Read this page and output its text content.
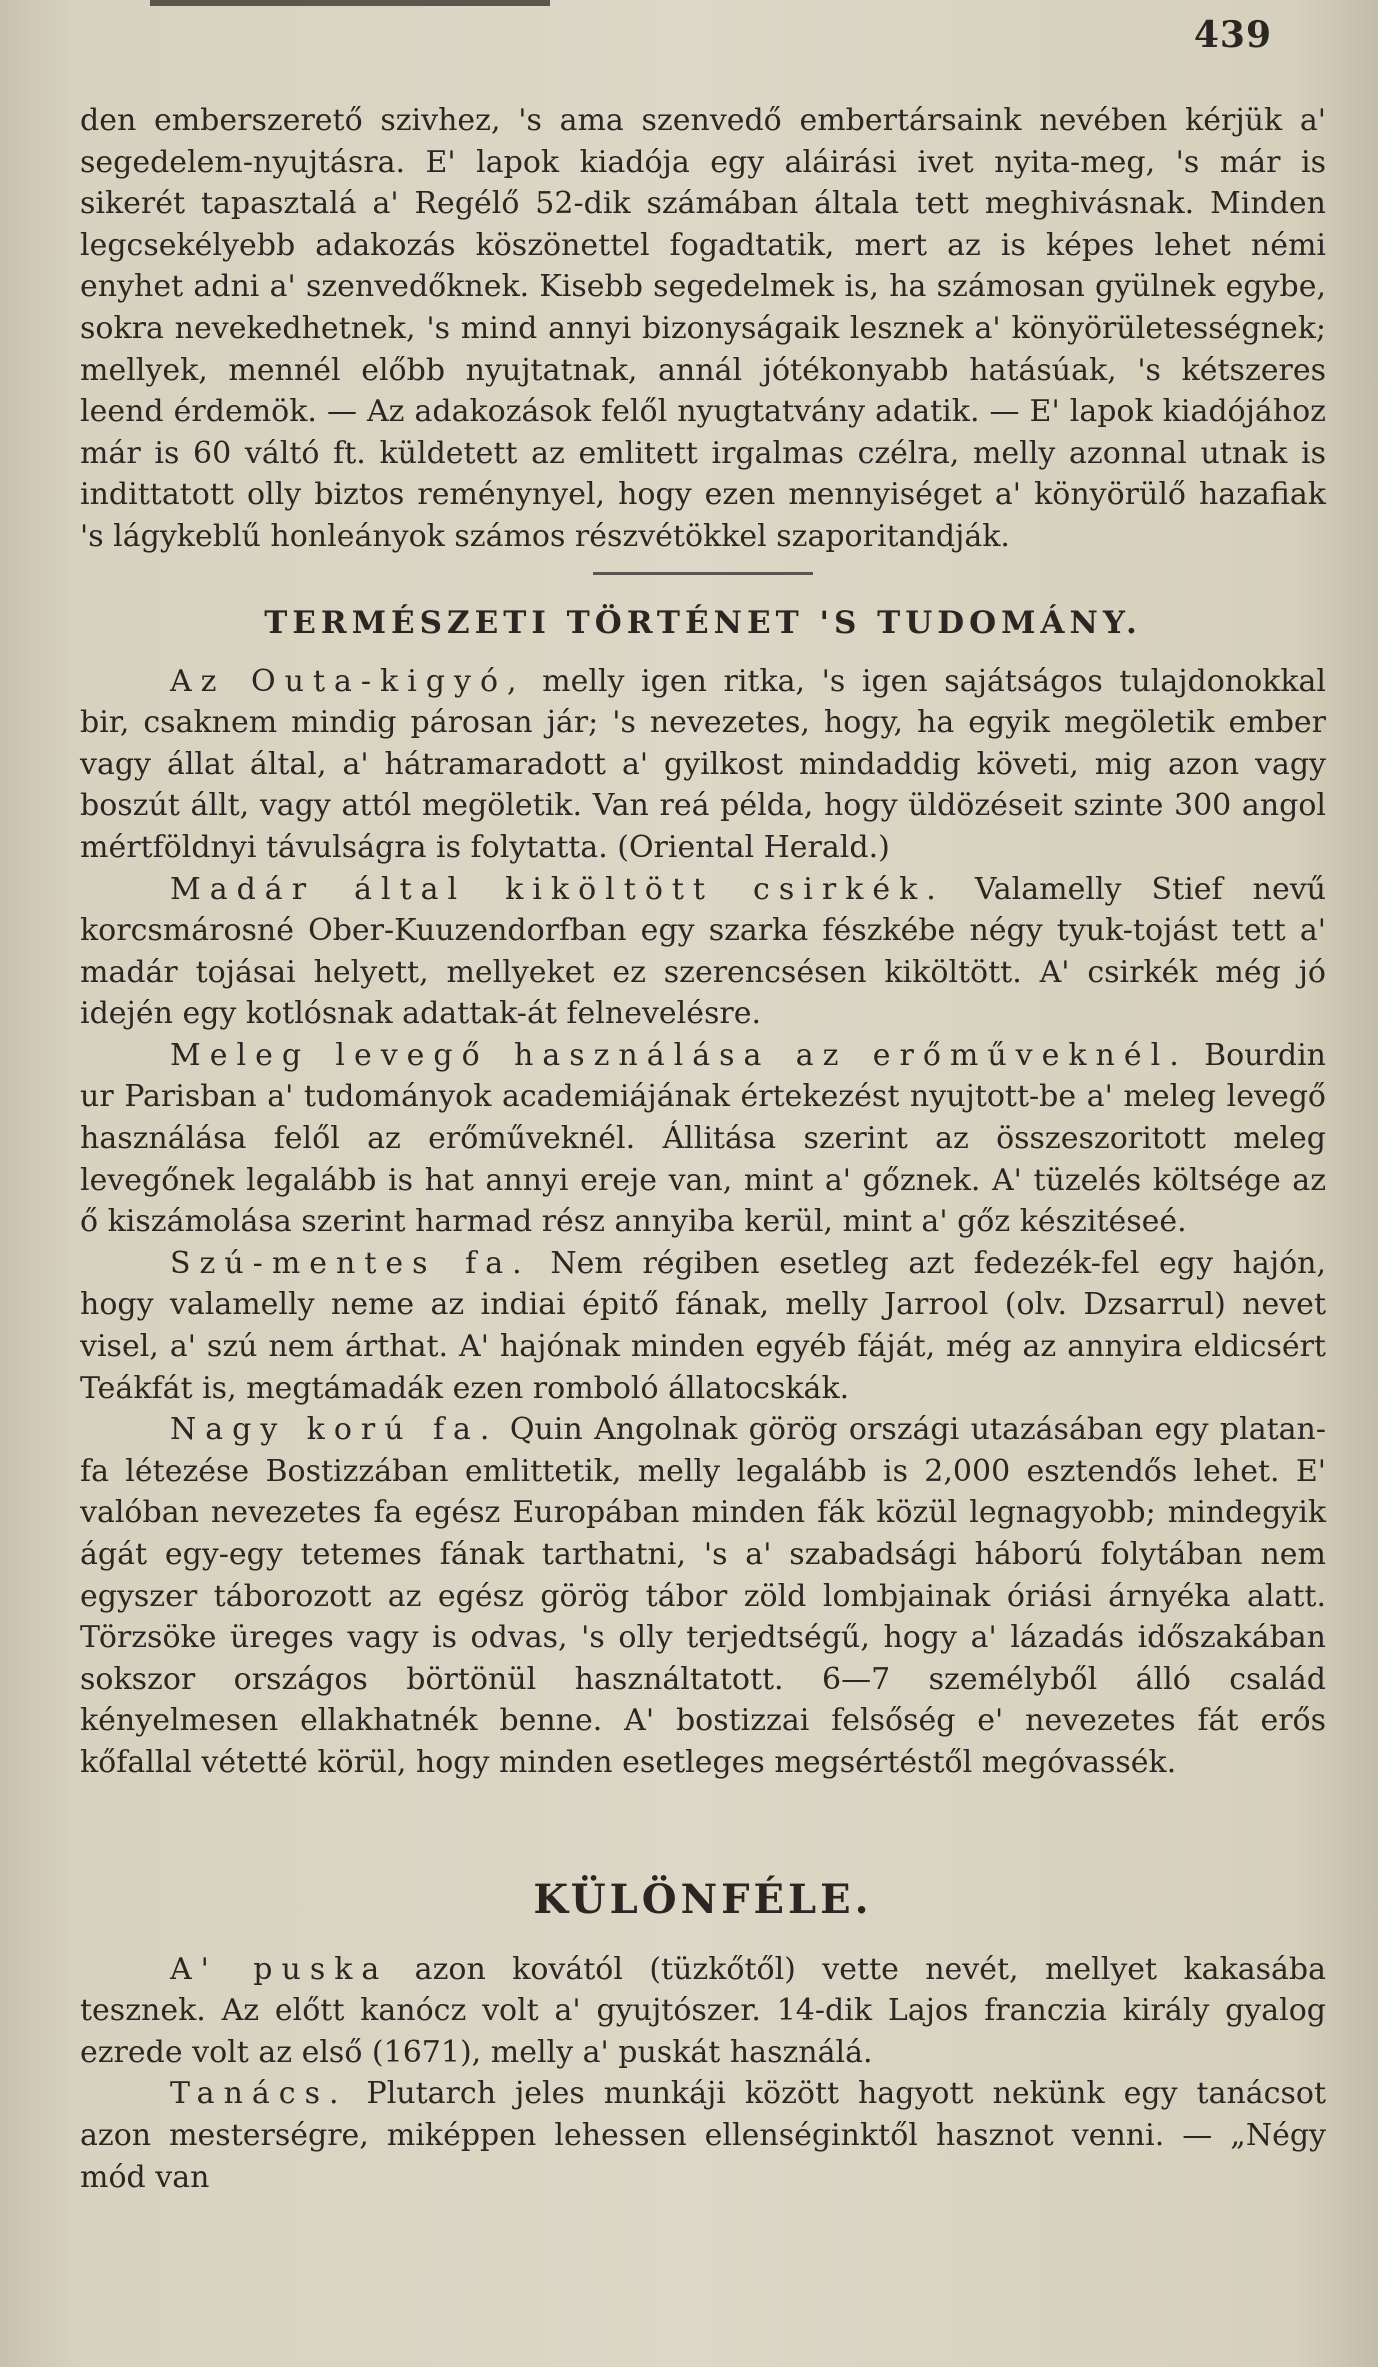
439

den emberszerető szivhez, 's ama szenvedő embertársaink nevében kérjük a' segedelem-nyujtásra. E' lapok kiadója egy aláirási ivet nyita-meg, 's már is sikerét tapasztalá a' Regélő 52-dik számában általa tett meghivásnak. Minden legcsekélyebb adakozás köszönettel fogadtatik, mert az is képes lehet némi enyhet adni a' szenvedőknek. Kisebb segedelmek is, ha számosan gyülnek egybe, sokra nevekedhetnek, 's mind annyi bizonyságaik lesznek a' könyörületességnek; mellyek, mennél előbb nyujtatnak, annál jótékonyabb hatásúak, 's kétszeres leend érdemök. — Az adakozások felől nyugtatvány adatik. — E' lapok kiadójához már is 60 váltó ft. küldetett az emlitett irgalmas czélra, melly azonnal utnak is indittatott olly biztos reménynyel, hogy ezen mennyiséget a' könyörülő hazafiak 's lágykeblű honleányok számos részvétökkel szaporitandják.

TERMÉSZETI TÖRTÉNET 'S TUDOMÁNY.

Az Outa-kigyó, melly igen ritka, 's igen sajátságos tulajdonokkal bir, csaknem mindig párosan jár; 's nevezetes, hogy, ha egyik megöletik ember vagy állat által, a' hátramaradott a' gyilkost mindaddig követi, mig azon vagy boszút állt, vagy attól megöletik. Van reá példa, hogy üldözéseit szinte 300 angol mértföldnyi távulságra is folytatta. (Oriental Herald.)

Madár által kiköltött csirkék. Valamelly Stief nevű korcsmárosné Ober-Kuuzendorfban egy szarka fészkébe négy tyuk-tojást tett a' madár tojásai helyett, mellyeket ez szerencsésen kiköltött. A' csirkék még jó idején egy kotlósnak adattak-át felnevelésre.

Meleg levegő használása az erőműveknél. Bourdin ur Parisban a' tudományok academiájának értekezést nyujtott-be a' meleg levegő használása felől az erőműveknél. Állitása szerint az összeszoritott meleg levegőnek legalább is hat annyi ereje van, mint a' gőznek. A' tüzelés költsége az ő kiszámolása szerint harmad rész annyiba kerül, mint a' gőz készitéseé.

Szú-mentes fa. Nem régiben esetleg azt fedezék-fel egy hajón, hogy valamelly neme az indiai épitő fának, melly Jarrool (olv. Dzsarrul) nevet visel, a' szú nem árthat. A' hajónak minden egyéb fáját, még az annyira eldicsért Teákfát is, megtámadák ezen romboló állatocskák.

Nagy korú fa. Quin Angolnak görög országi utazásában egy platan-fa létezése Bostizzában emlittetik, melly legalább is 2,000 esztendős lehet. E' valóban nevezetes fa egész Europában minden fák közül legnagyobb; mindegyik ágát egy-egy tetemes fának tarthatni, 's a' szabadsági háború folytában nem egyszer táborozott az egész görög tábor zöld lombjainak óriási árnyéka alatt. Törzsöke üreges vagy is odvas, 's olly terjedtségű, hogy a' lázadás időszakában sokszor országos börtönül használtatott. 6—7 személyből álló család kényelmesen ellakhatnék benne. A' bostizzai felsőség e' nevezetes fát erős kőfallal vétetté körül, hogy minden esetleges megsértéstől megóvassék.

KÜLÖNFÉLE.

A' puska azon kovától (tüzkőtől) vette nevét, mellyet kakasába tesznek. Az előtt kanócz volt a' gyujtószer. 14-dik Lajos franczia király gyalog ezrede volt az első (1671), melly a' puskát használá.

Tanács. Plutarch jeles munkáji között hagyott nekünk egy tanácsot azon mesterségre, miképpen lehessen ellenséginktől hasznot venni. — „Négy mód van
